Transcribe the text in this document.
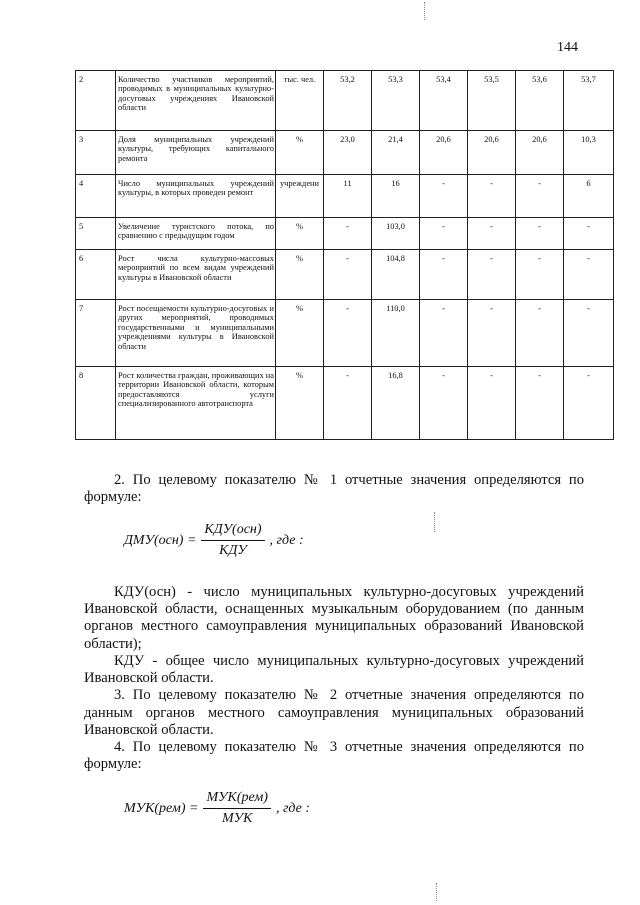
144
2	Количество участников мероприятий, проводимых в муниципальных культурно-досуговых учреждениях Ивановской области	тыс. чел.	53,2	53,3	53,4	53,5	53,6	53,7
3	Доля муниципальных учреждений культуры, требующих капитального ремонта	%	23,0	21,4	20,6	20,6	20,6	10,3
4	Число муниципальных учреждений культуры, в которых проведен ремонт	учреждени	11	16	-	-	-	6
5	Увеличение туристского потока, по сравнению с предыдущим годом	%	-	103,0	-	-	-	-
6	Рост числа культурно-массовых мероприятий по всем видам учреждений культуры в Ивановской области	%	-	104,8	-	-	-	-
7	Рост посещаемости культурно-досуговых и других мероприятий, проводимых государственными и муниципальными учреждениями культуры в Ивановской области	%	-	110,0	-	-	-	-
8	Рост количества граждан, проживающих на территории Ивановской области, которым предоставляются услуги специализированного автотранспорта	%	-	16,8	-	-	-	-

2. По целевому показателю № 1 отчетные значения определяются по формуле:

$ДМУ(осн) = \frac{\text{КДУ(осн)}}{\text{КДУ}}$ , где :

КДУ(осн) - число муниципальных культурно-досуговых учреждений Ивановской области, оснащенных музыкальным оборудованием (по данным органов местного самоуправления муниципальных образований Ивановской области);

КДУ - общее число муниципальных культурно-досуговых учреждений Ивановской области.

3. По целевому показателю № 2 отчетные значения определяются по данным органов местного самоуправления муниципальных образований Ивановской области.

4. По целевому показателю № 3 отчетные значения определяются по формуле:

$МУК(рем) = \frac{\text{МУК(рем)}}{\text{МУК}}$ , где :
